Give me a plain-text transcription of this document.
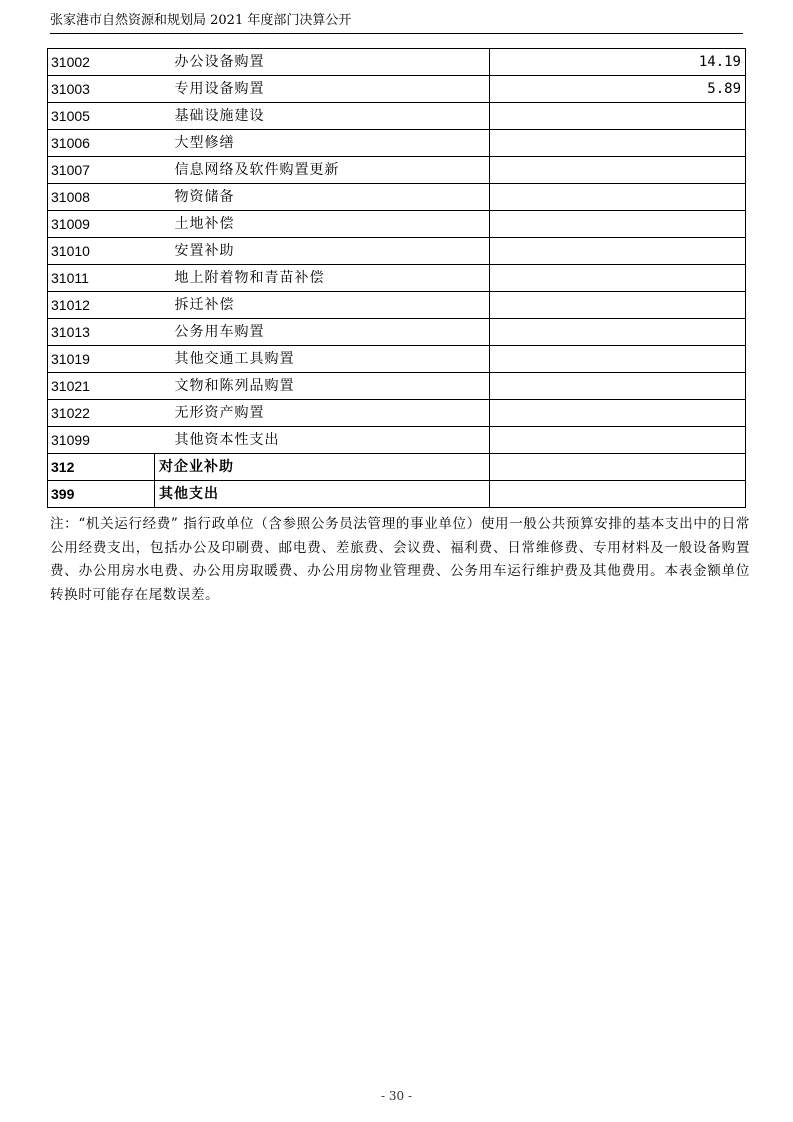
张家港市自然资源和规划局 2021 年度部门决算公开
31002	办公设备购置	14.19
31003	专用设备购置	5.89
31005	基础设施建设	
31006	大型修缮	
31007	信息网络及软件购置更新	
31008	物资储备	
31009	土地补偿	
31010	安置补助	
31011	地上附着物和青苗补偿	
31012	拆迁补偿	
31013	公务用车购置	
31019	其他交通工具购置	
31021	文物和陈列品购置	
31022	无形资产购置	
31099	其他资本性支出	
312	对企业补助	
399	其他支出	
注：“机关运行经费” 指行政单位（含参照公务员法管理的事业单位）使用一般公共预算安排的基本支出中的日常公用经费支出，包括办公及印刷费、邮电费、差旅费、会议费、福利费、日常维修费、专用材料及一般设备购置费、办公用房水电费、办公用房取暖费、办公用房物业管理费、公务用车运行维护费及其他费用。本表金额单位转换时可能存在尾数误差。
- 30 -
